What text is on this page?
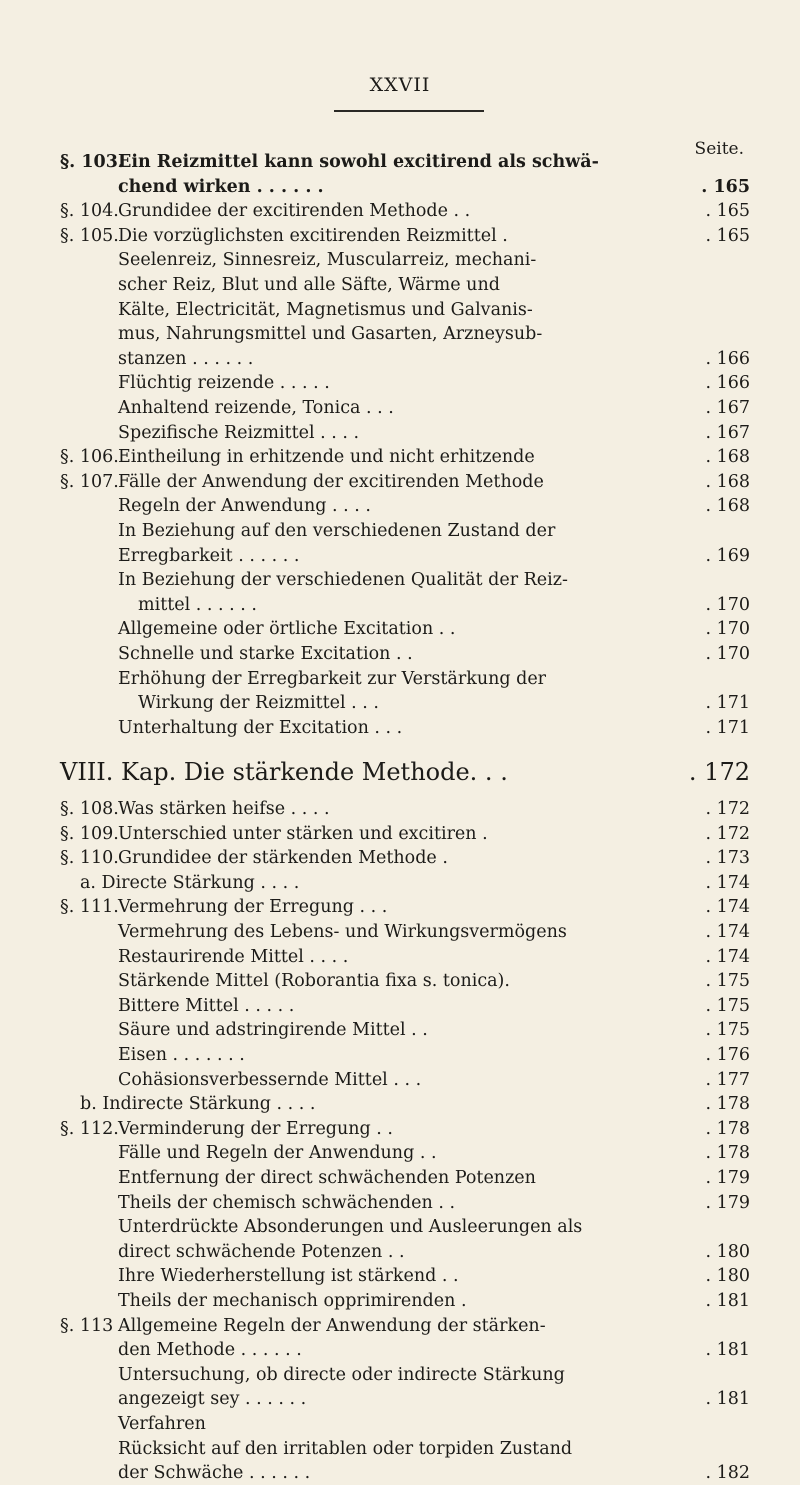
XXVII
Seite.
§. 103.
Ein Reizmittel kann sowohl excitirend als schwä-
chend wirken . . . . . .	. 165
§. 104. Grundidee der excitirenden Methode . .	. 165
§. 105. Die vorzüglichsten excitirenden Reizmittel .	. 165
Seelenreiz, Sinnesreiz, Muscularreiz, mechani-
scher Reiz, Blut und alle Säfte, Wärme und
Kälte, Electricität, Magnetismus und Galvanis-
mus, Nahrungsmittel und Gasarten, Arzneysub-
stanzen . . . . . .	. 166
Flüchtig reizende . . . . .	. 166
Anhaltend reizende, Tonica . . .	. 167
Spezifische Reizmittel . . . .	. 167
§. 106. Eintheilung in erhitzende und nicht erhitzende	. 168
§. 107. Fälle der Anwendung der excitirenden Methode	. 168
Regeln der Anwendung . . . .	. 168
In Beziehung auf den verschiedenen Zustand der
Erregbarkeit . . . . . .	. 169
In Beziehung der verschiedenen Qualität der Reiz-
mittel . . . . . .	. 170
Allgemeine oder örtliche Excitation . .	. 170
Schnelle und starke Excitation . .	. 170
Erhöhung der Erregbarkeit zur Verstärkung der
Wirkung der Reizmittel . . .	. 171
Unterhaltung der Excitation . . .	. 171
VIII. Kap. Die stärkende Methode. . .	. 172
§. 108. Was stärken heifse . . . .	. 172
§. 109. Unterschied unter stärken und excitiren .	. 172
§. 110. Grundidee der stärkenden Methode .	. 173
a. Directe Stärkung . . . .	. 174
§. 111. Vermehrung der Erregung . . .	. 174
Vermehrung des Lebens- und Wirkungsvermögens	. 174
Restaurirende Mittel . . . .	. 174
Stärkende Mittel (Roborantia fixa s. tonica).	. 175
Bittere Mittel . . . . .	. 175
Säure und adstringirende Mittel . .	. 175
Eisen . . . . . . .	. 176
Cohäsionsverbessernde Mittel . . .	. 177
b. Indirecte Stärkung . . . .	. 178
§. 112. Verminderung der Erregung . .	. 178
Fälle und Regeln der Anwendung . .	. 178
Entfernung der direct schwächenden Potenzen	. 179
Theils der chemisch schwächenden . .	. 179
Unterdrückte Absonderungen und Ausleerungen als
direct schwächende Potenzen . .	. 180
Ihre Wiederherstellung ist stärkend . .	. 180
Theils der mechanisch opprimirenden .	. 181
§. 113 Allgemeine Regeln der Anwendung der stärken-
den Methode . . . . . .	. 181
Untersuchung, ob directe oder indirecte Stärkung
angezeigt sey . . . . . .	. 181
Verfahren
Rücksicht auf den irritablen oder torpiden Zustand
der Schwäche . . . . . .	. 182
